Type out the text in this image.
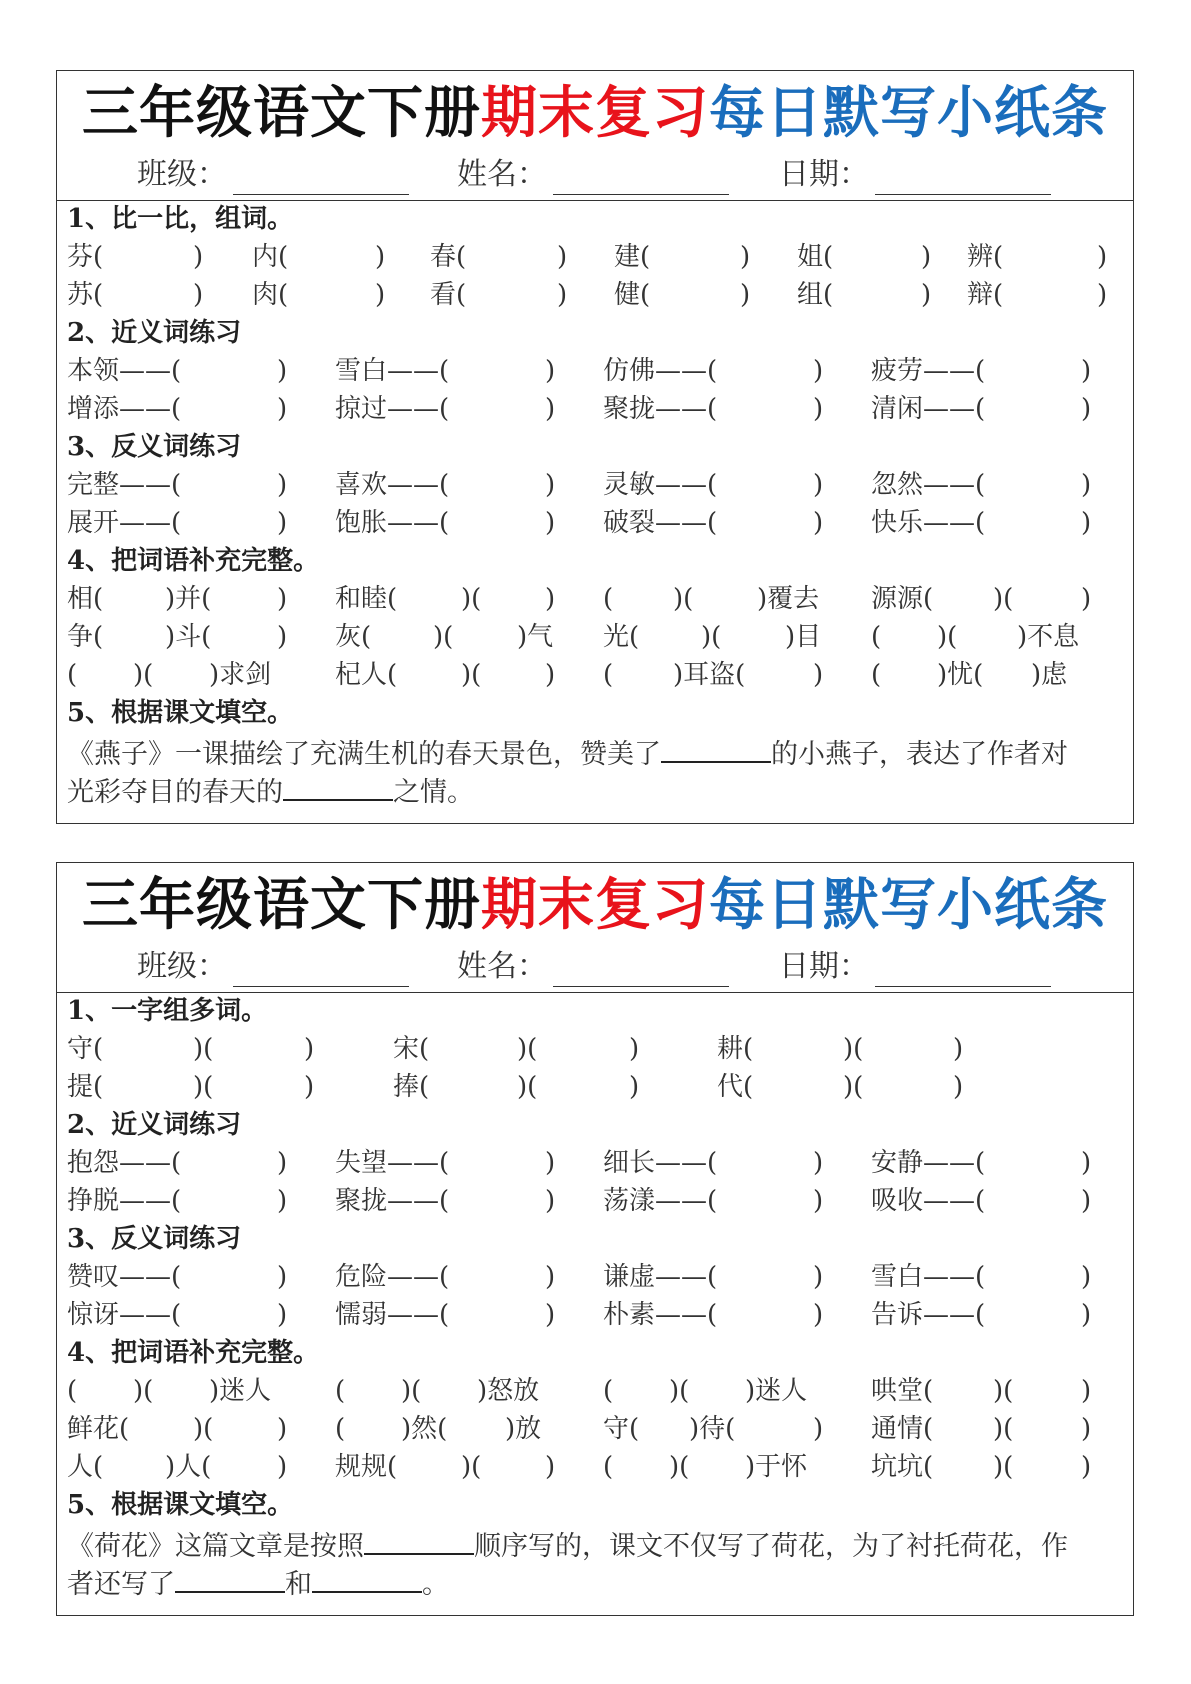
三年级语文下册期末复习每日默写小纸条
班级：	姓名：	日期：
1、比一比，组词。
芬(	) 内(	) 春(	) 建(	) 姐(	) 辨(	)
苏(	) 肉(	) 看(	) 健(	) 组(	) 辩(	)
2、近义词练习
本领——(	) 雪白——(	) 仿佛——(	) 疲劳——(	)
增添——(	) 掠过——(	) 聚拢——(	) 清闲——(	)
3、反义词练习
完整——(	) 喜欢——(	) 灵敏——(	) 忽然——(	)
展开——(	) 饱胀——(	) 破裂——(	) 快乐——(	)
4、把词语补充完整。
相( )并(	) 和睦( )( ) ( )( )覆去 源源( )(	)
争( )斗(	) 灰( )( )气 光( )( )目 ( )( )不息
( )( )求剑 杞人( )( ) ( )耳盗(	) ( )忧( )虑
5、根据课文填空。
《燕子》一课描绘了充满生机的春天景色，赞美了	的小燕子，表达了作者对
光彩夺目的春天的	之情。
三年级语文下册期末复习每日默写小纸条
班级：	姓名：	日期：
1、一字组多词。
守(	)(	)	宋(	)(	)	耕(	)(	)
提(	)(	)	捧(	)(	)	代(	)(	)
2、近义词练习
抱怨——(	) 失望——(	) 细长——(	) 安静——(	)
挣脱——(	) 聚拢——(	) 荡漾——(	) 吸收——(	)
3、反义词练习
赞叹——(	) 危险——(	) 谦虚——(	) 雪白——(	)
惊讶——(	) 懦弱——(	) 朴素——(	) 告诉——(	)
4、把词语补充完整。
( )( )迷人 ( )( )怒放 ( )( )迷人 哄堂( )(	)
鲜花( )( ) ( )然( )放 守( )待(	) 通情( )(	)
人( )人(	) 规规( )( ) ( )( )于怀 坑坑( )(	)
5、根据课文填空。
《荷花》这篇文章是按照	顺序写的，课文不仅写了荷花，为了衬托荷花，作
者还写了	和	。
